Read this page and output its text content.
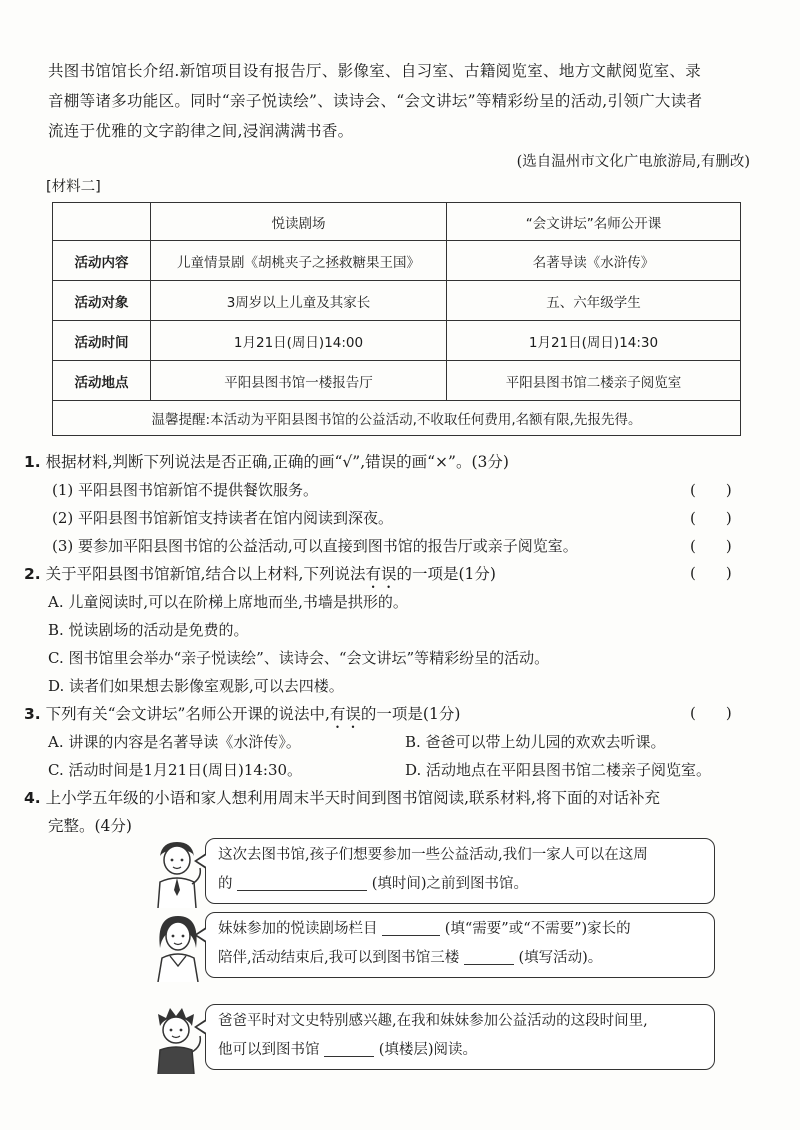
共图书馆馆长介绍.新馆项目设有报告厅、影像室、自习室、古籍阅览室、地方文献阅览室、录
音棚等诸多功能区。同时“亲子悦读绘”、读诗会、“会文讲坛”等精彩纷呈的活动,引领广大读者
流连于优雅的文字韵律之间,浸润满满书香。
(选自温州市文化广电旅游局,有删改)
[材料二]
	悦读剧场	“会文讲坛”名师公开课
活动内容	儿童情景剧《胡桃夹子之拯救糖果王国》	名著导读《水浒传》
活动对象	3周岁以上儿童及其家长	五、六年级学生
活动时间	1月21日(周日)14:00	1月21日(周日)14:30
活动地点	平阳县图书馆一楼报告厅	平阳县图书馆二楼亲子阅览室
温馨提醒:本活动为平阳县图书馆的公益活动,不收取任何费用,名额有限,先报先得。		
1. 根据材料,判断下列说法是否正确,正确的画“√”,错误的画“×”。(3分)
(1) 平阳县图书馆新馆不提供餐饮服务。	(　　)
(2) 平阳县图书馆新馆支持读者在馆内阅读到深夜。	(　　)
(3) 要参加平阳县图书馆的公益活动,可以直接到图书馆的报告厅或亲子阅览室。	(　　)
2. 关于平阳县图书馆新馆,结合以上材料,下列说法有误的一项是(1分)	(　　)
A. 儿童阅读时,可以在阶梯上席地而坐,书墙是拱形的。
B. 悦读剧场的活动是免费的。
C. 图书馆里会举办“亲子悦读绘”、读诗会、“会文讲坛”等精彩纷呈的活动。
D. 读者们如果想去影像室观影,可以去四楼。
3. 下列有关“会文讲坛”名师公开课的说法中,有误的一项是(1分)	(　　)
A. 讲课的内容是名著导读《水浒传》。	B. 爸爸可以带上幼儿园的欢欢去听课。
C. 活动时间是1月21日(周日)14:30。	D. 活动地点在平阳县图书馆二楼亲子阅览室。
4. 上小学五年级的小语和家人想利用周末半天时间到图书馆阅读,联系材料,将下面的对话补充
完整。(4分)
这次去图书馆,孩子们想要参加一些公益活动,我们一家人可以在这周
的	(填时间)之前到图书馆。
妹妹参加的悦读剧场栏目	(填“需要”或“不需要”)家长的
陪伴,活动结束后,我可以到图书馆三楼	(填写活动)。
爸爸平时对文史特别感兴趣,在我和妹妹参加公益活动的这段时间里,
他可以到图书馆	(填楼层)阅读。
